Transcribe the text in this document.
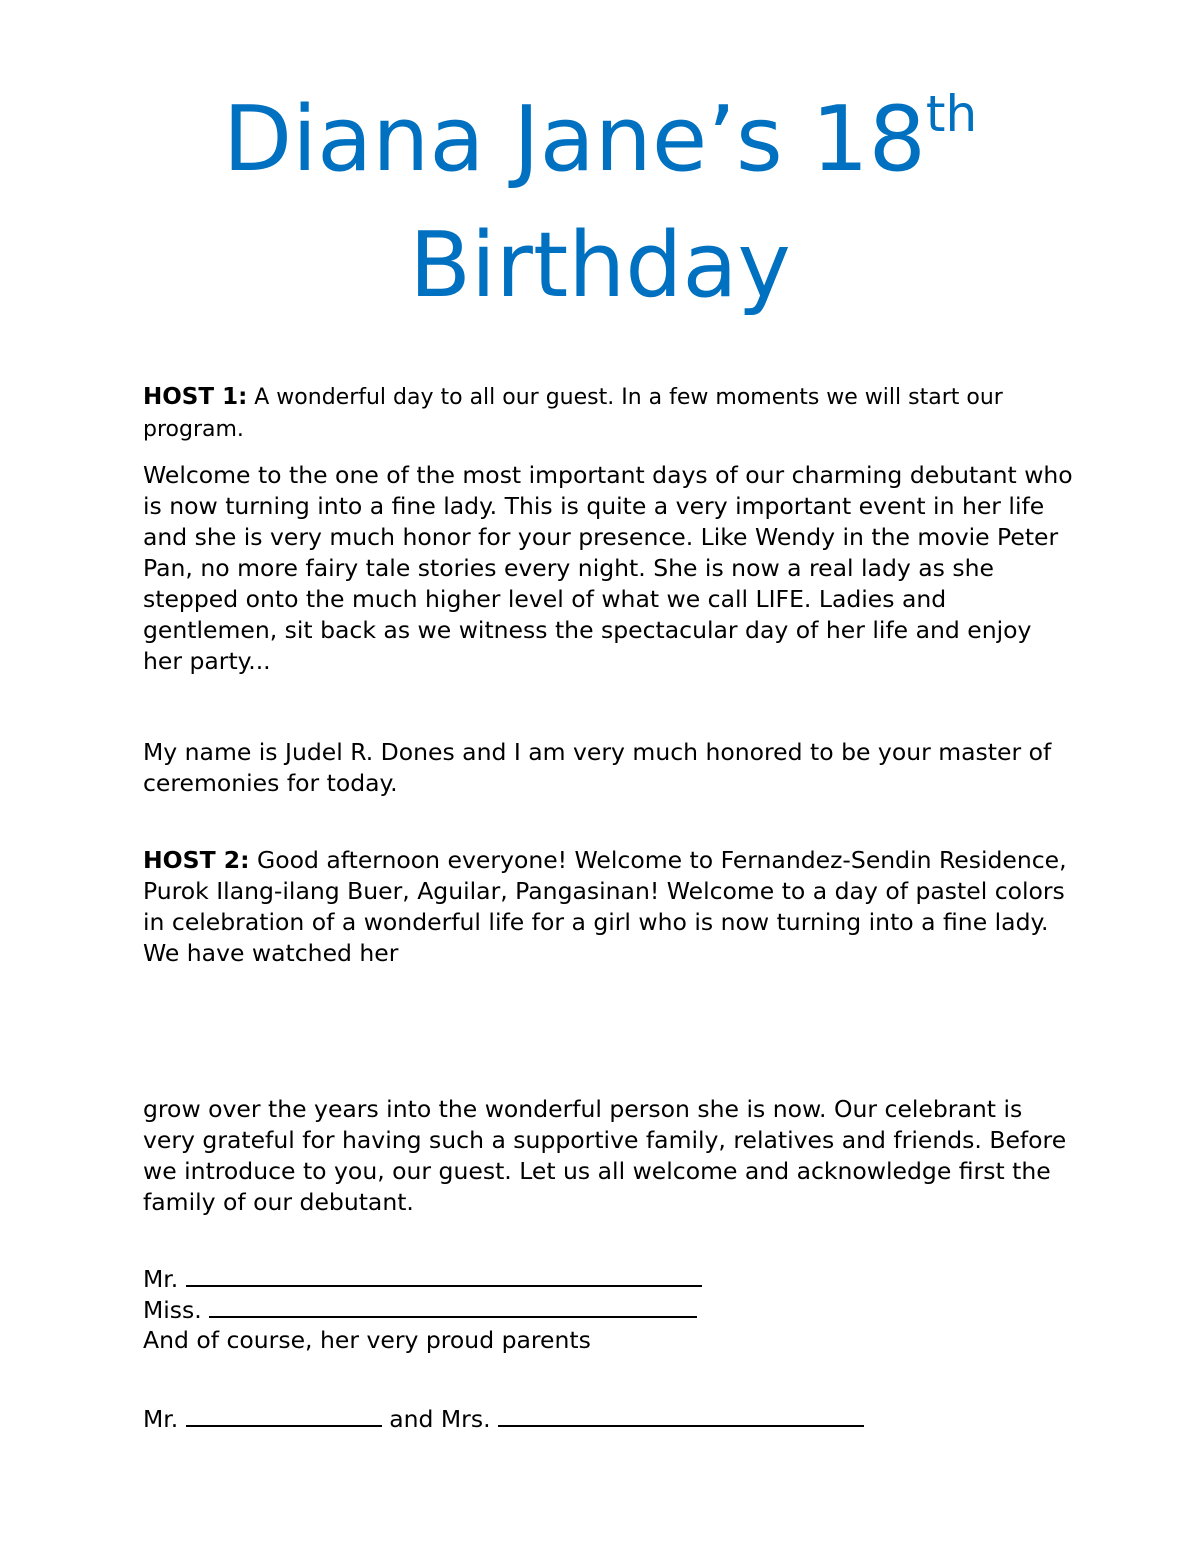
Diana Jane’s 18th
Birthday
HOST 1: A wonderful day to all our guest. In a few moments we will start our program.
Welcome to the one of the most important days of our charming debutant who is now turning into a fine lady. This is quite a very important event in her life and she is very much honor for your presence. Like Wendy in the movie Peter Pan, no more fairy tale stories every night. She is now a real lady as she stepped onto the much higher level of what we call LIFE. Ladies and gentlemen, sit back as we witness the spectacular day of her life and enjoy her party...
My name is Judel R. Dones and I am very much honored to be your master of ceremonies for today.
HOST 2: Good afternoon everyone! Welcome to Fernandez-Sendin Residence, Purok Ilang-ilang Buer, Aguilar, Pangasinan! Welcome to a day of pastel colors in celebration of a wonderful life for a girl who is now turning into a fine lady. We have watched her
grow over the years into the wonderful person she is now. Our celebrant is very grateful for having such a supportive family, relatives and friends. Before we introduce to you, our guest. Let us all welcome and acknowledge first the family of our debutant.
Mr.
Miss.
And of course, her very proud parents
Mr.	and Mrs.
